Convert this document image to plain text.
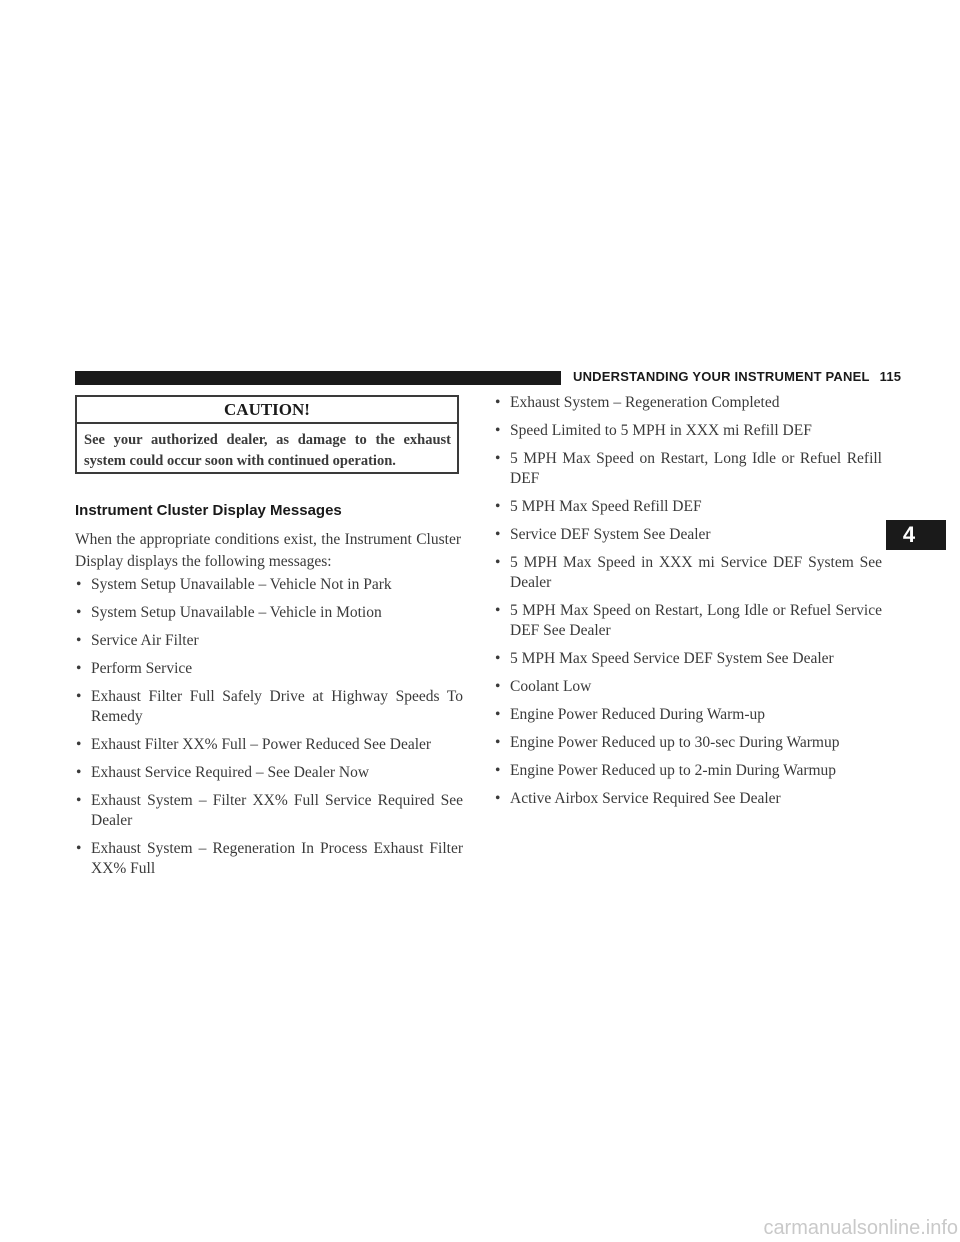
UNDERSTANDING YOUR INSTRUMENT PANEL 115
CAUTION!
See your authorized dealer, as damage to the exhaust system could occur soon with continued operation.
Instrument Cluster Display Messages
When the appropriate conditions exist, the Instrument Cluster Display displays the following messages:
• System Setup Unavailable – Vehicle Not in Park
• System Setup Unavailable – Vehicle in Motion
• Service Air Filter
• Perform Service
• Exhaust Filter Full Safely Drive at Highway Speeds To Remedy
• Exhaust Filter XX% Full – Power Reduced See Dealer
• Exhaust Service Required – See Dealer Now
• Exhaust System – Filter XX% Full Service Required See Dealer
• Exhaust System – Regeneration In Process Exhaust Filter XX% Full
• Exhaust System – Regeneration Completed
• Speed Limited to 5 MPH in XXX mi Refill DEF
• 5 MPH Max Speed on Restart, Long Idle or Refuel Refill DEF
• 5 MPH Max Speed Refill DEF
• Service DEF System See Dealer
• 5 MPH Max Speed in XXX mi Service DEF System See Dealer
• 5 MPH Max Speed on Restart, Long Idle or Refuel Service DEF See Dealer
• 5 MPH Max Speed Service DEF System See Dealer
• Coolant Low
• Engine Power Reduced During Warm-up
• Engine Power Reduced up to 30-sec During Warmup
• Engine Power Reduced up to 2-min During Warmup
• Active Airbox Service Required See Dealer
4
carmanualsonline.info
